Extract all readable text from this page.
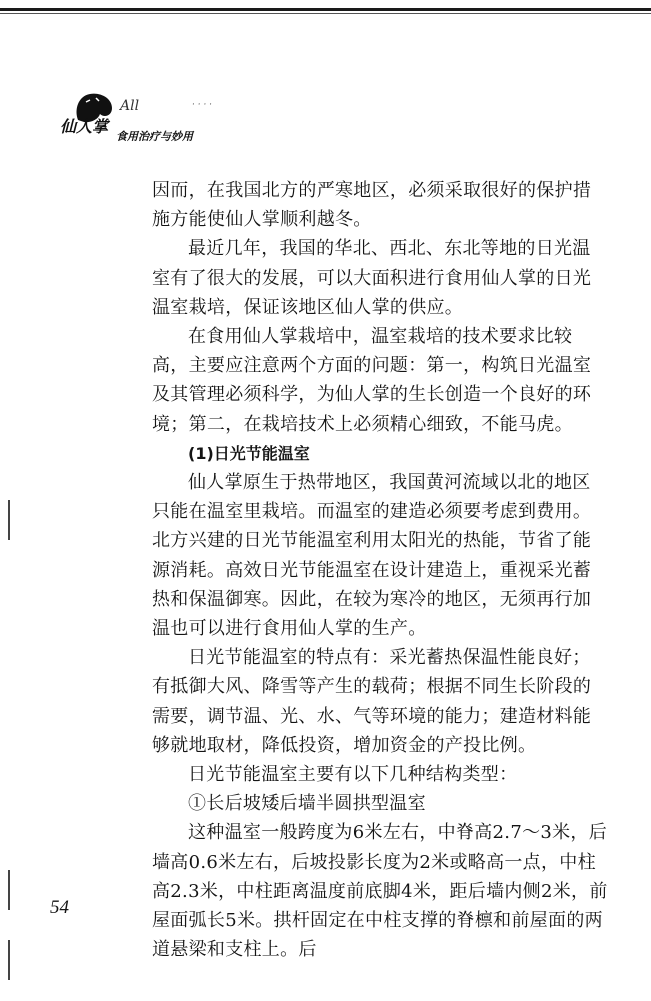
All	· · · ·
仙人掌
食用治疗与妙用

因而，在我国北方的严寒地区，必须采取很好的保护措施方能使仙人掌顺利越冬。

最近几年，我国的华北、西北、东北等地的日光温室有了很大的发展，可以大面积进行食用仙人掌的日光温室栽培，保证该地区仙人掌的供应。

在食用仙人掌栽培中，温室栽培的技术要求比较高，主要应注意两个方面的问题：第一，构筑日光温室及其管理必须科学，为仙人掌的生长创造一个良好的环境；第二，在栽培技术上必须精心细致，不能马虎。

(1)日光节能温室

仙人掌原生于热带地区，我国黄河流域以北的地区只能在温室里栽培。而温室的建造必须要考虑到费用。北方兴建的日光节能温室利用太阳光的热能，节省了能源消耗。高效日光节能温室在设计建造上，重视采光蓄热和保温御寒。因此，在较为寒冷的地区，无须再行加温也可以进行食用仙人掌的生产。

日光节能温室的特点有：采光蓄热保温性能良好；有抵御大风、降雪等产生的载荷；根据不同生长阶段的需要，调节温、光、水、气等环境的能力；建造材料能够就地取材，降低投资，增加资金的产投比例。

日光节能温室主要有以下几种结构类型：

①长后坡矮后墙半圆拱型温室

这种温室一般跨度为6米左右，中脊高2.7～3米，后墙高0.6米左右，后坡投影长度为2米或略高一点，中柱高2.3米，中柱距离温度前底脚4米，距后墙内侧2米，前屋面弧长5米。拱杆固定在中柱支撑的脊檩和前屋面的两道悬梁和支柱上。后

54
